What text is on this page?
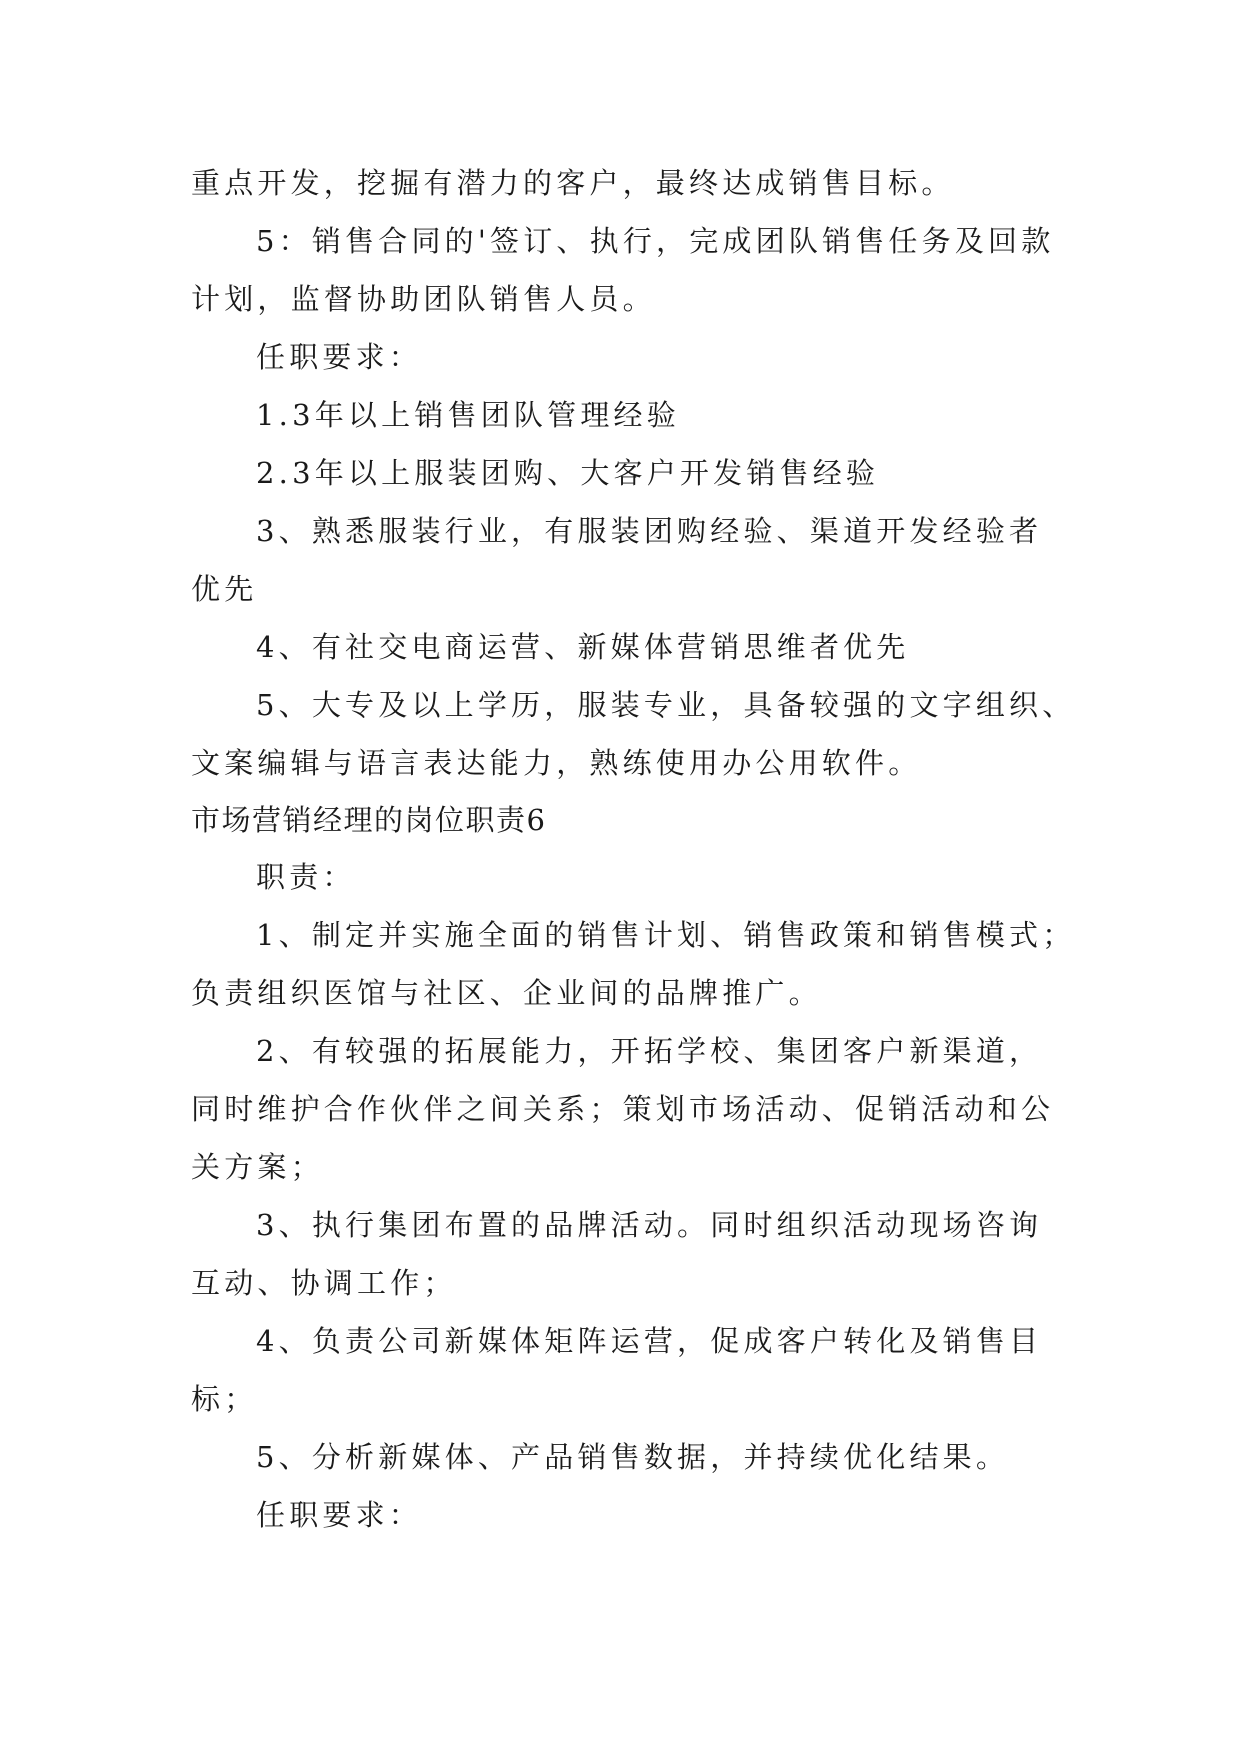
重点开发，挖掘有潜力的客户，最终达成销售目标。

5：销售合同的'签订、执行，完成团队销售任务及回款

计划，监督协助团队销售人员。

任职要求：

1.3年以上销售团队管理经验

2.3年以上服装团购、大客户开发销售经验

3、熟悉服装行业，有服装团购经验、渠道开发经验者

优先

4、有社交电商运营、新媒体营销思维者优先

5、大专及以上学历，服装专业，具备较强的文字组织、

文案编辑与语言表达能力，熟练使用办公用软件。

市场营销经理的岗位职责6

职责：

1、制定并实施全面的销售计划、销售政策和销售模式；

负责组织医馆与社区、企业间的品牌推广。

2、有较强的拓展能力，开拓学校、集团客户新渠道，

同时维护合作伙伴之间关系；策划市场活动、促销活动和公

关方案；

3、执行集团布置的品牌活动。同时组织活动现场咨询

互动、协调工作；

4、负责公司新媒体矩阵运营，促成客户转化及销售目

标；

5、分析新媒体、产品销售数据，并持续优化结果。

任职要求：
